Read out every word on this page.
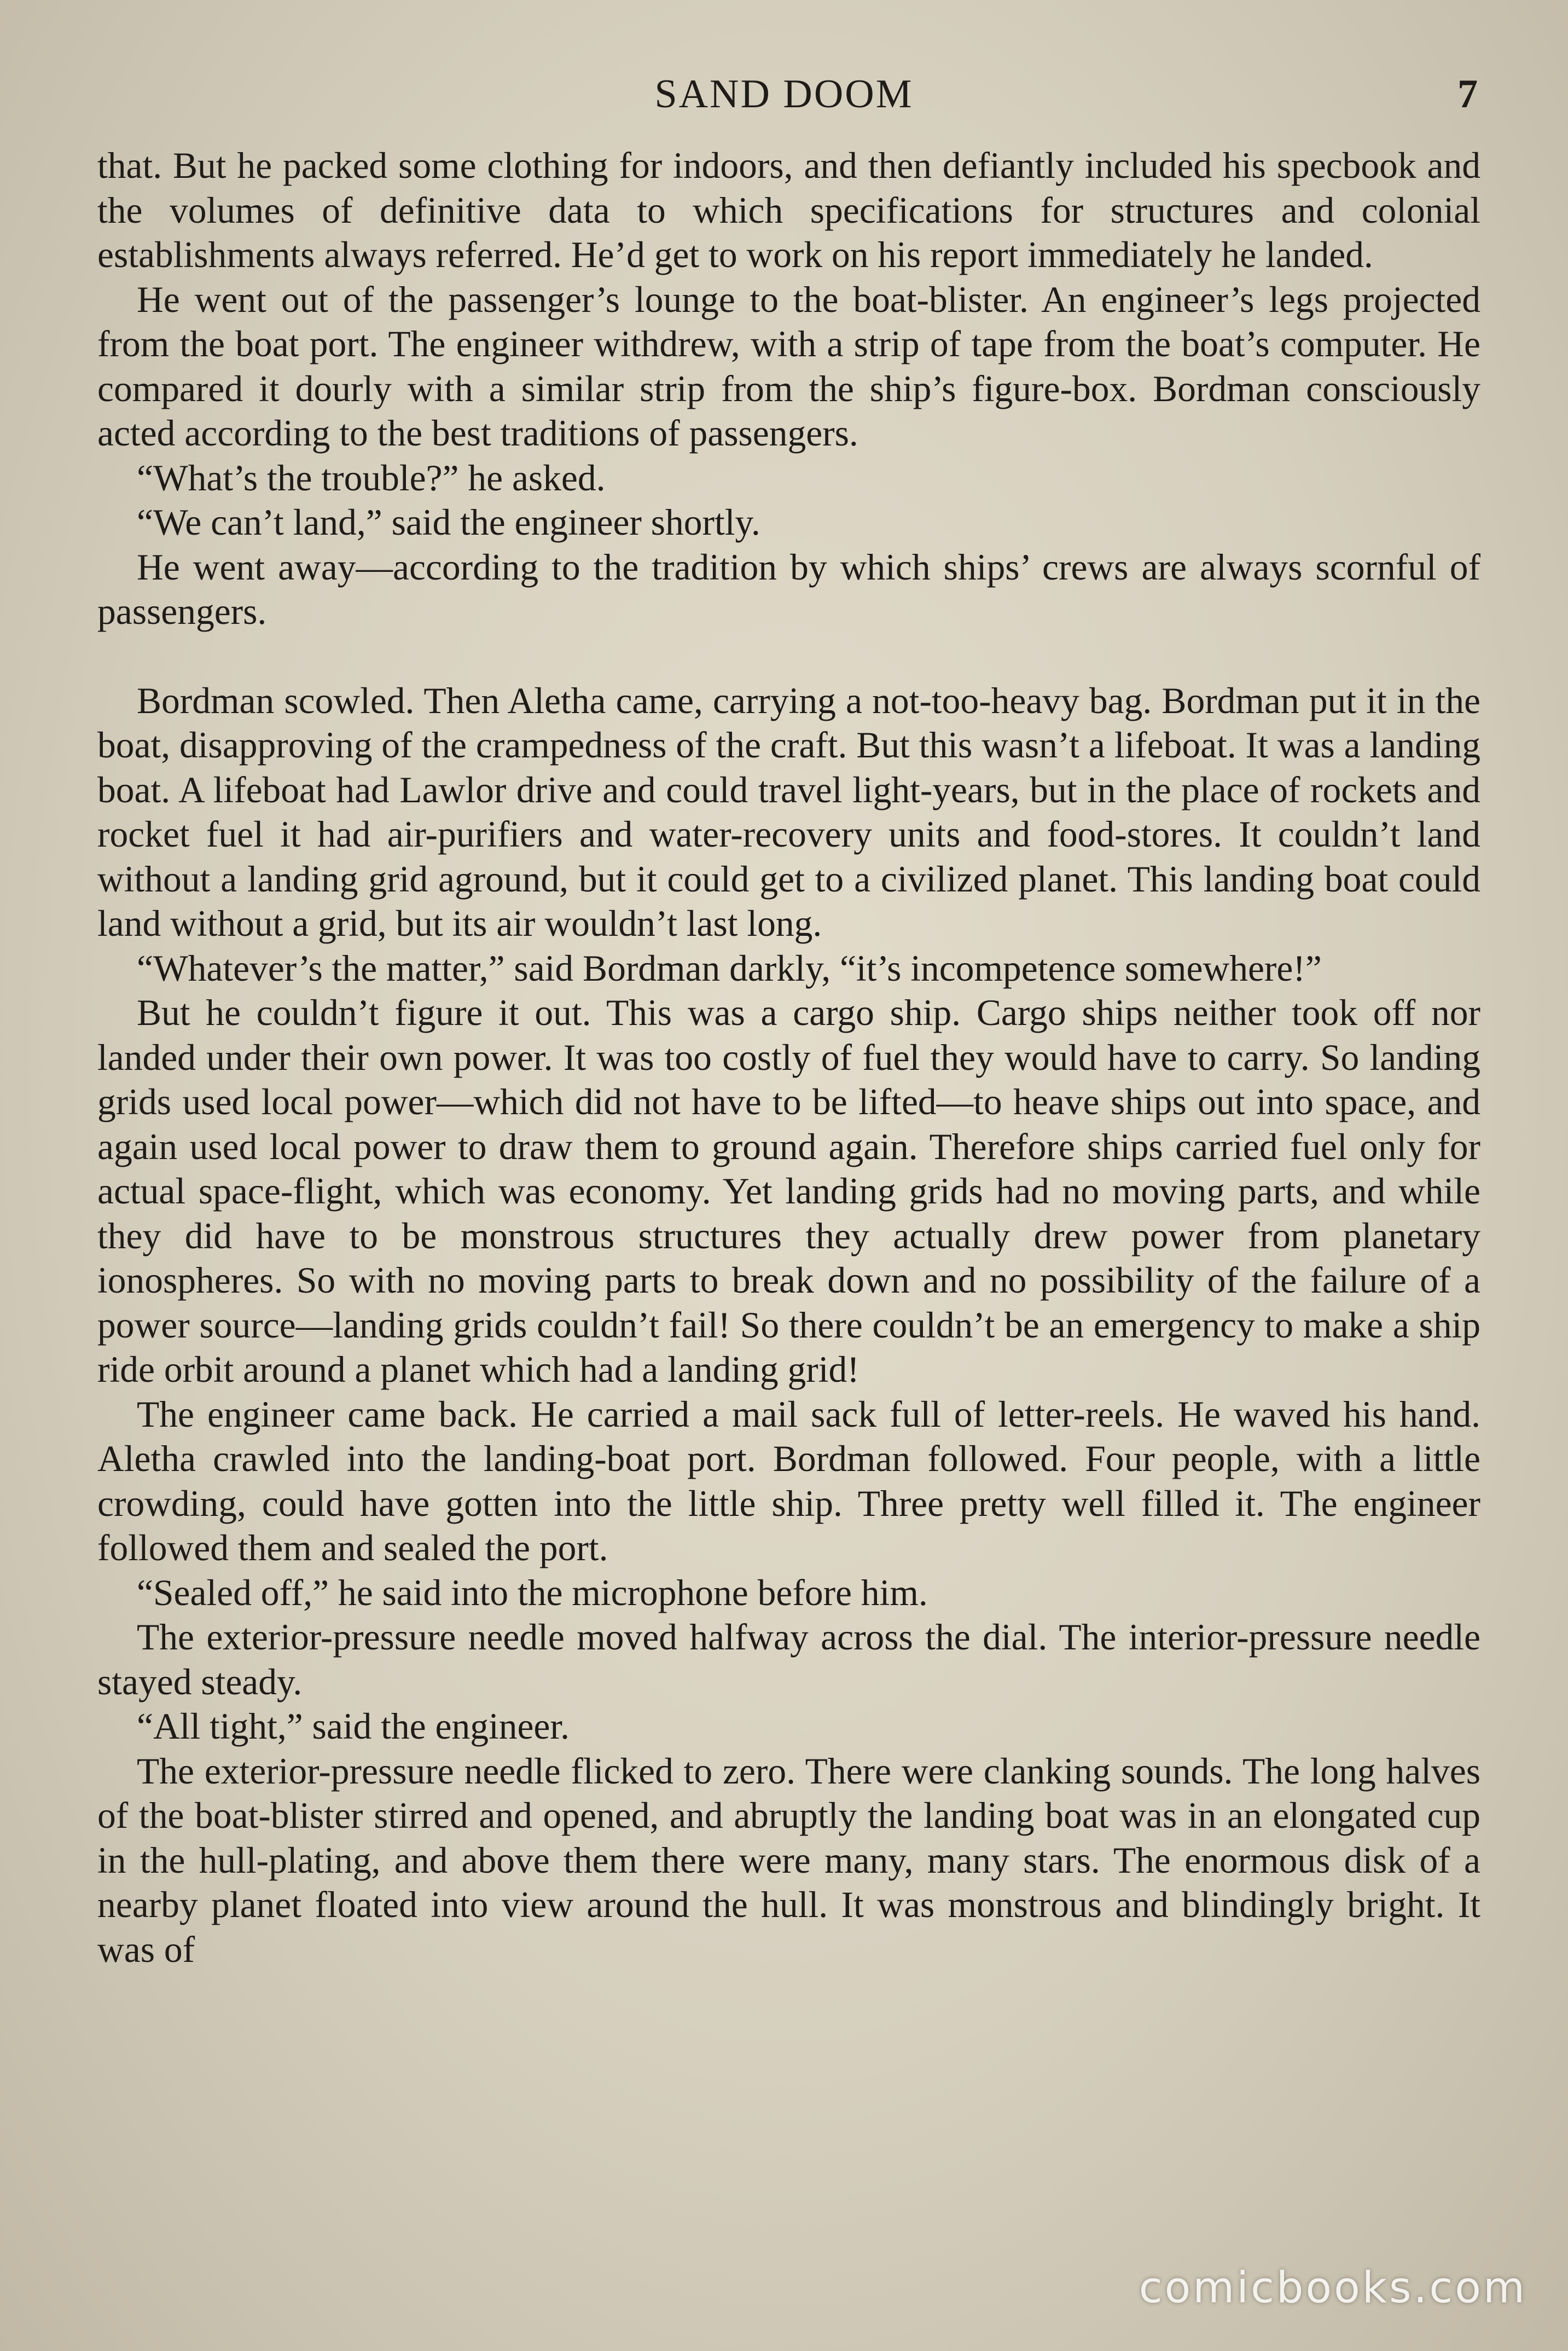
SAND DOOM	7

that. But he packed some clothing for indoors, and then defiantly included his specbook and the volumes of definitive data to which specifications for structures and colonial establishments always referred. He’d get to work on his report immediately he landed.

He went out of the passenger’s lounge to the boat-blister. An engineer’s legs projected from the boat port. The engineer withdrew, with a strip of tape from the boat’s computer. He compared it dourly with a similar strip from the ship’s figure-box. Bordman consciously acted according to the best traditions of passengers.

“What’s the trouble?” he asked.

“We can’t land,” said the engineer shortly.

He went away—according to the tradition by which ships’ crews are always scornful of passengers.

Bordman scowled. Then Aletha came, carrying a not-too-heavy bag. Bordman put it in the boat, disapproving of the crampedness of the craft. But this wasn’t a lifeboat. It was a landing boat. A lifeboat had Lawlor drive and could travel light-years, but in the place of rockets and rocket fuel it had air-purifiers and water-recovery units and food-stores. It couldn’t land without a landing grid aground, but it could get to a civilized planet. This landing boat could land without a grid, but its air wouldn’t last long.

“Whatever’s the matter,” said Bordman darkly, “it’s incompetence somewhere!”

But he couldn’t figure it out. This was a cargo ship. Cargo ships neither took off nor landed under their own power. It was too costly of fuel they would have to carry. So landing grids used local power—which did not have to be lifted—to heave ships out into space, and again used local power to draw them to ground again. Therefore ships carried fuel only for actual space-flight, which was economy. Yet landing grids had no moving parts, and while they did have to be monstrous structures they actually drew power from planetary ionospheres. So with no moving parts to break down and no possibility of the failure of a power source—landing grids couldn’t fail! So there couldn’t be an emergency to make a ship ride orbit around a planet which had a landing grid!

The engineer came back. He carried a mail sack full of letter-reels. He waved his hand. Aletha crawled into the landing-boat port. Bordman followed. Four people, with a little crowding, could have gotten into the little ship. Three pretty well filled it. The engineer followed them and sealed the port.

“Sealed off,” he said into the microphone before him.

The exterior-pressure needle moved halfway across the dial. The interior-pressure needle stayed steady.

“All tight,” said the engineer.

The exterior-pressure needle flicked to zero. There were clanking sounds. The long halves of the boat-blister stirred and opened, and abruptly the landing boat was in an elongated cup in the hull-plating, and above them there were many, many stars. The enormous disk of a nearby planet floated into view around the hull. It was monstrous and blindingly bright. It was of

comicbooks.com
